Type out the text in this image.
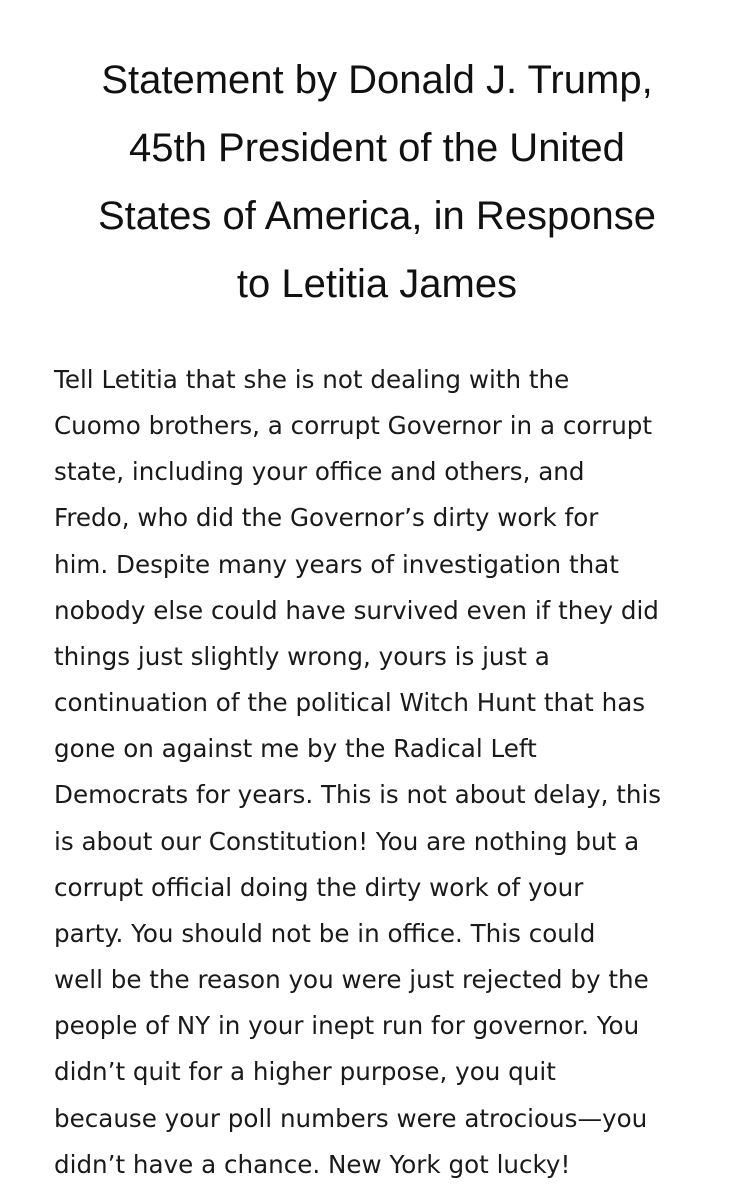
Statement by Donald J. Trump,
45th President of the United
States of America, in Response
to Letitia James

Tell Letitia that she is not dealing with the
Cuomo brothers, a corrupt Governor in a corrupt
state, including your office and others, and
Fredo, who did the Governor’s dirty work for
him. Despite many years of investigation that
nobody else could have survived even if they did
things just slightly wrong, yours is just a
continuation of the political Witch Hunt that has
gone on against me by the Radical Left
Democrats for years. This is not about delay, this
is about our Constitution! You are nothing but a
corrupt official doing the dirty work of your
party. You should not be in office. This could
well be the reason you were just rejected by the
people of NY in your inept run for governor. You
didn’t quit for a higher purpose, you quit
because your poll numbers were atrocious—you
didn’t have a chance. New York got lucky!
